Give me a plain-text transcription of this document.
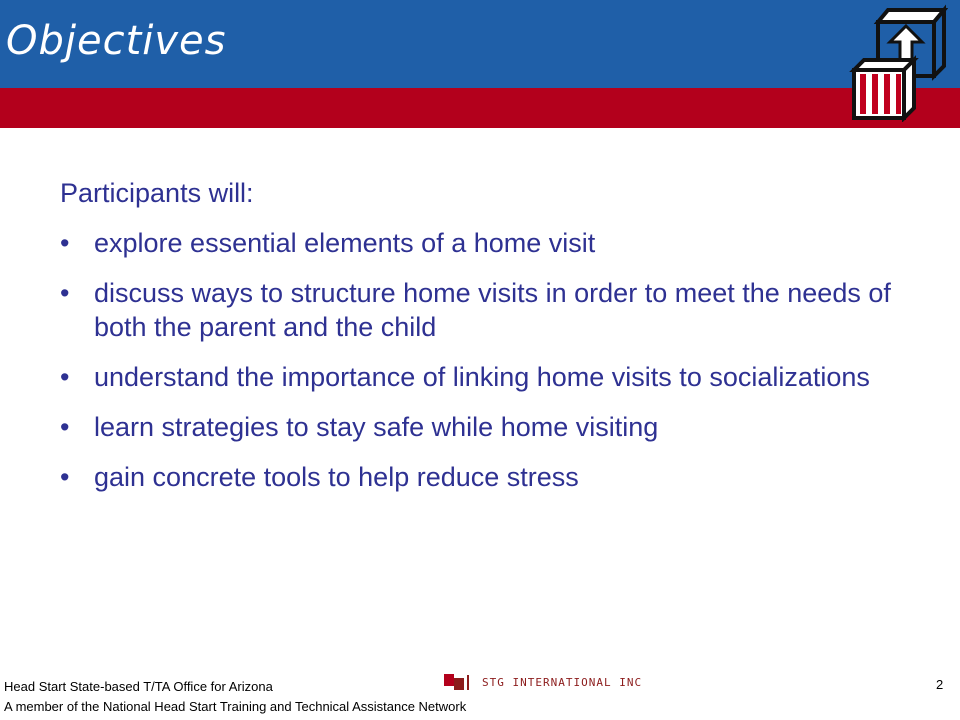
Objectives

Participants will:

• explore essential elements of a home visit
• discuss ways to structure home visits in order to meet the needs of both the parent and the child
• understand the importance of linking home visits to socializations
• learn strategies to stay safe while home visiting
• gain concrete tools to help reduce stress
Head Start State-based T/TA Office for Arizona
A member of the National Head Start Training and Technical Assistance Network
STG INTERNATIONAL INC	2
